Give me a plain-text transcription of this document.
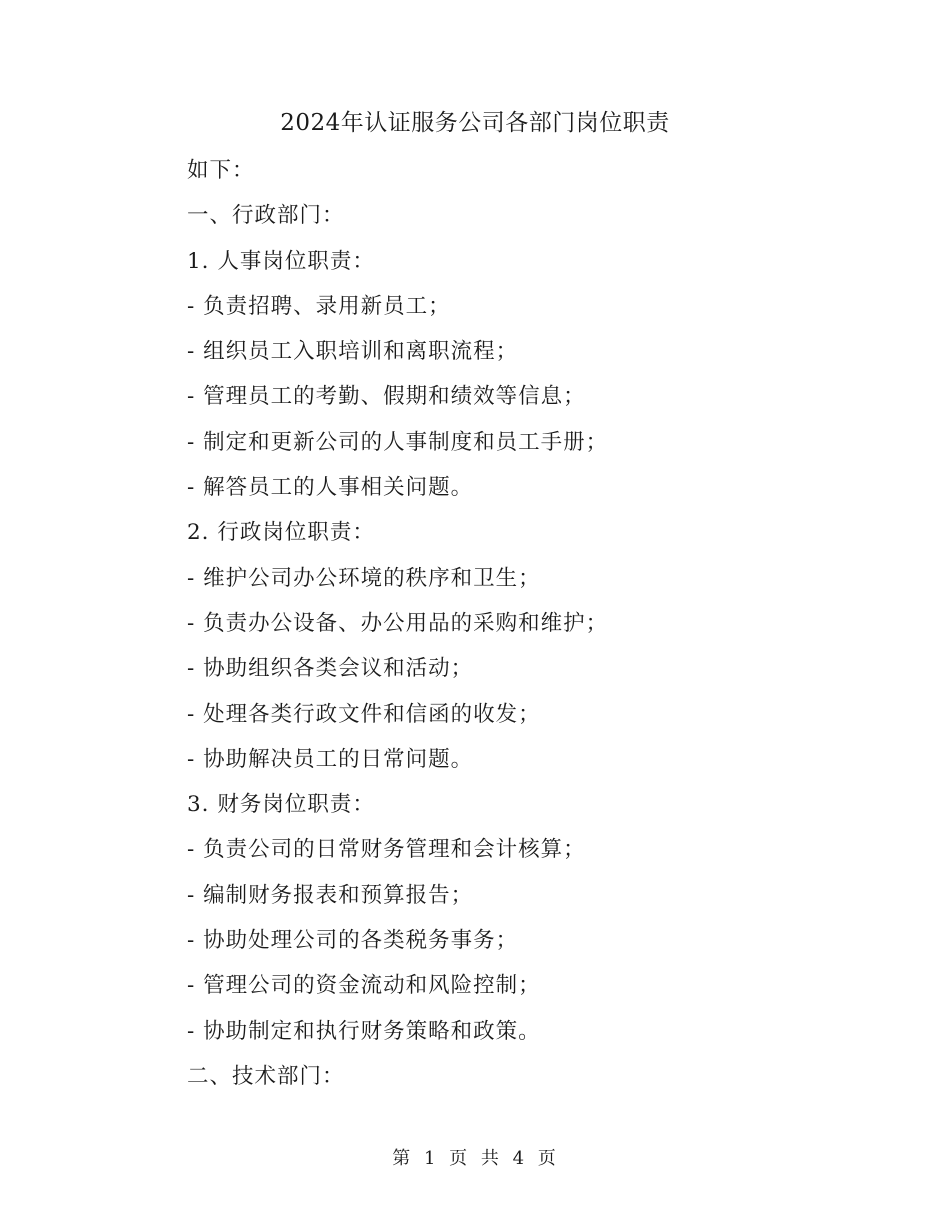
2024年认证服务公司各部门岗位职责
如下：
一、行政部门：
1. 人事岗位职责：
- 负责招聘、录用新员工；
- 组织员工入职培训和离职流程；
- 管理员工的考勤、假期和绩效等信息；
- 制定和更新公司的人事制度和员工手册；
- 解答员工的人事相关问题。
2. 行政岗位职责：
- 维护公司办公环境的秩序和卫生；
- 负责办公设备、办公用品的采购和维护；
- 协助组织各类会议和活动；
- 处理各类行政文件和信函的收发；
- 协助解决员工的日常问题。
3. 财务岗位职责：
- 负责公司的日常财务管理和会计核算；
- 编制财务报表和预算报告；
- 协助处理公司的各类税务事务；
- 管理公司的资金流动和风险控制；
- 协助制定和执行财务策略和政策。
二、技术部门：
第 1 页 共 4 页
